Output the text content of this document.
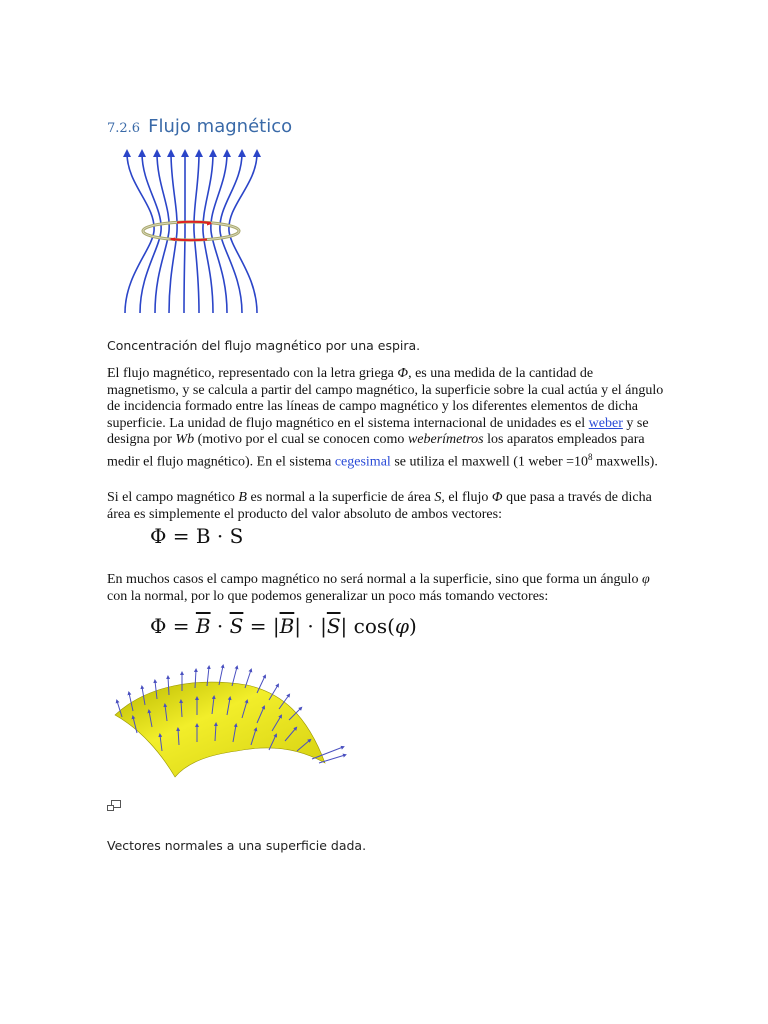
7.2.6 Flujo magnético
Concentración del flujo magnético por una espira.
El flujo magnético, representado con la letra griega Φ, es una medida de la cantidad de magnetismo, y se calcula a partir del campo magnético, la superficie sobre la cual actúa y el ángulo de incidencia formado entre las líneas de campo magnético y los diferentes elementos de dicha superficie. La unidad de flujo magnético en el sistema internacional de unidades es el weber y se designa por Wb (motivo por el cual se conocen como weberímetros los aparatos empleados para medir el flujo magnético). En el sistema cegesimal se utiliza el maxwell (1 weber $=10^8$ maxwells).
Si el campo magnético B es normal a la superficie de área S, el flujo Φ que pasa a través de dicha área es simplemente el producto del valor absoluto de ambos vectores:
Φ = B · S
En muchos casos el campo magnético no será normal a la superficie, sino que forma un ángulo φ con la normal, por lo que podemos generalizar un poco más tomando vectores:
$\Phi = \overline{B} \cdot \overline{S} = |\overline{B}| \cdot |\overline{S}|$ cos(φ)
Vectores normales a una superficie dada.
